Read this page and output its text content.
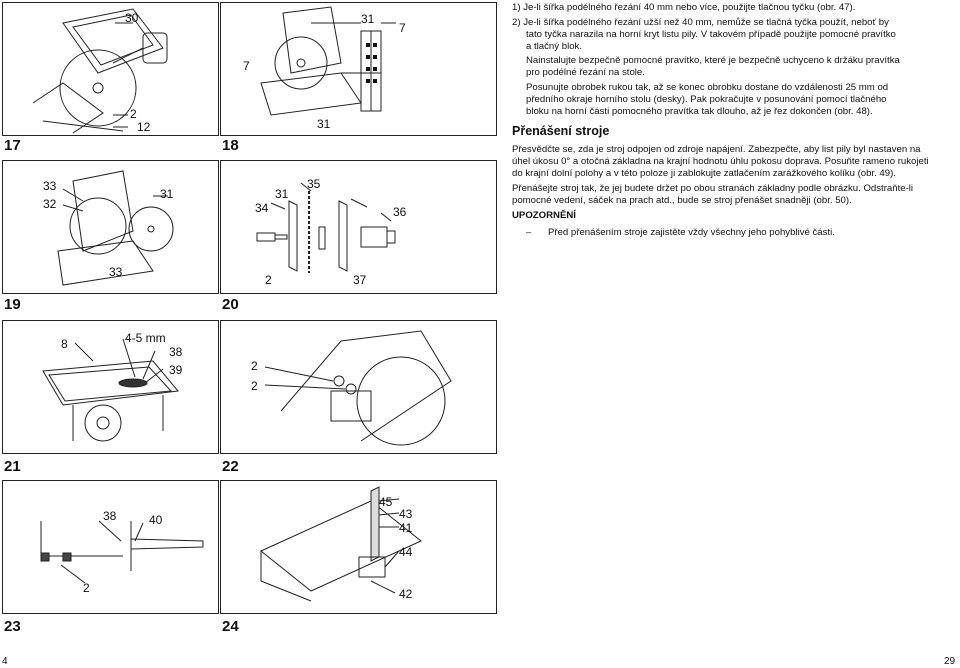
30
2
12
17
31
7
7
31
18
33
32
31
33
19
31
34
35
36
2	37
20
8	4-5 mm
38
39
21
2
2
22
38	40
2
23
45
43
41
44
42
24
1) Je-li šířka podélného řezání 40 mm nebo více, použijte tlačnou tyčku (obr. 47).
2) Je-li šířka podélného řezání užší než 40 mm, nemůže se tlačná tyčka použít, neboť by
tato tyčka narazila na horní kryt listu pily. V takovém případě použijte pomocné pravítko
a tlačný blok.
Nainstalujte bezpečně pomocné pravítko, které je bezpečně uchyceno k držáku pravítka
pro podélné řezání na stole.
Posunujte obrobek rukou tak, až se konec obrobku dostane do vzdálenosti 25 mm od
předního okraje horního stolu (desky). Pak pokračujte v posunování pomocí tlačného
bloku na horní části pomocného pravítka tak dlouho, až je řez dokončen (obr. 48).
Přenášení stroje
Přesvědčte se, zda je stroj odpojen od zdroje napájení. Zabezpečte, aby list pily byl nastaven na
úhel úkosu 0° a otočná základna na krajní hodnotu úhlu pokosu doprava. Posuňte rameno rukojeti
do krajní dolní polohy a v této poloze ji zablokujte zatlačením zarážkového kolíku (obr. 49).
Přenášejte stroj tak, že jej budete držet po obou stranách základny podle obrázku. Odstraňte-li
pomocné vedení, sáček na prach atd., bude se stroj přenášet snadněji (obr. 50).
UPOZORNĚNÍ
– Před přenášením stroje zajistěte vždy všechny jeho pohyblivé části.
4	29
